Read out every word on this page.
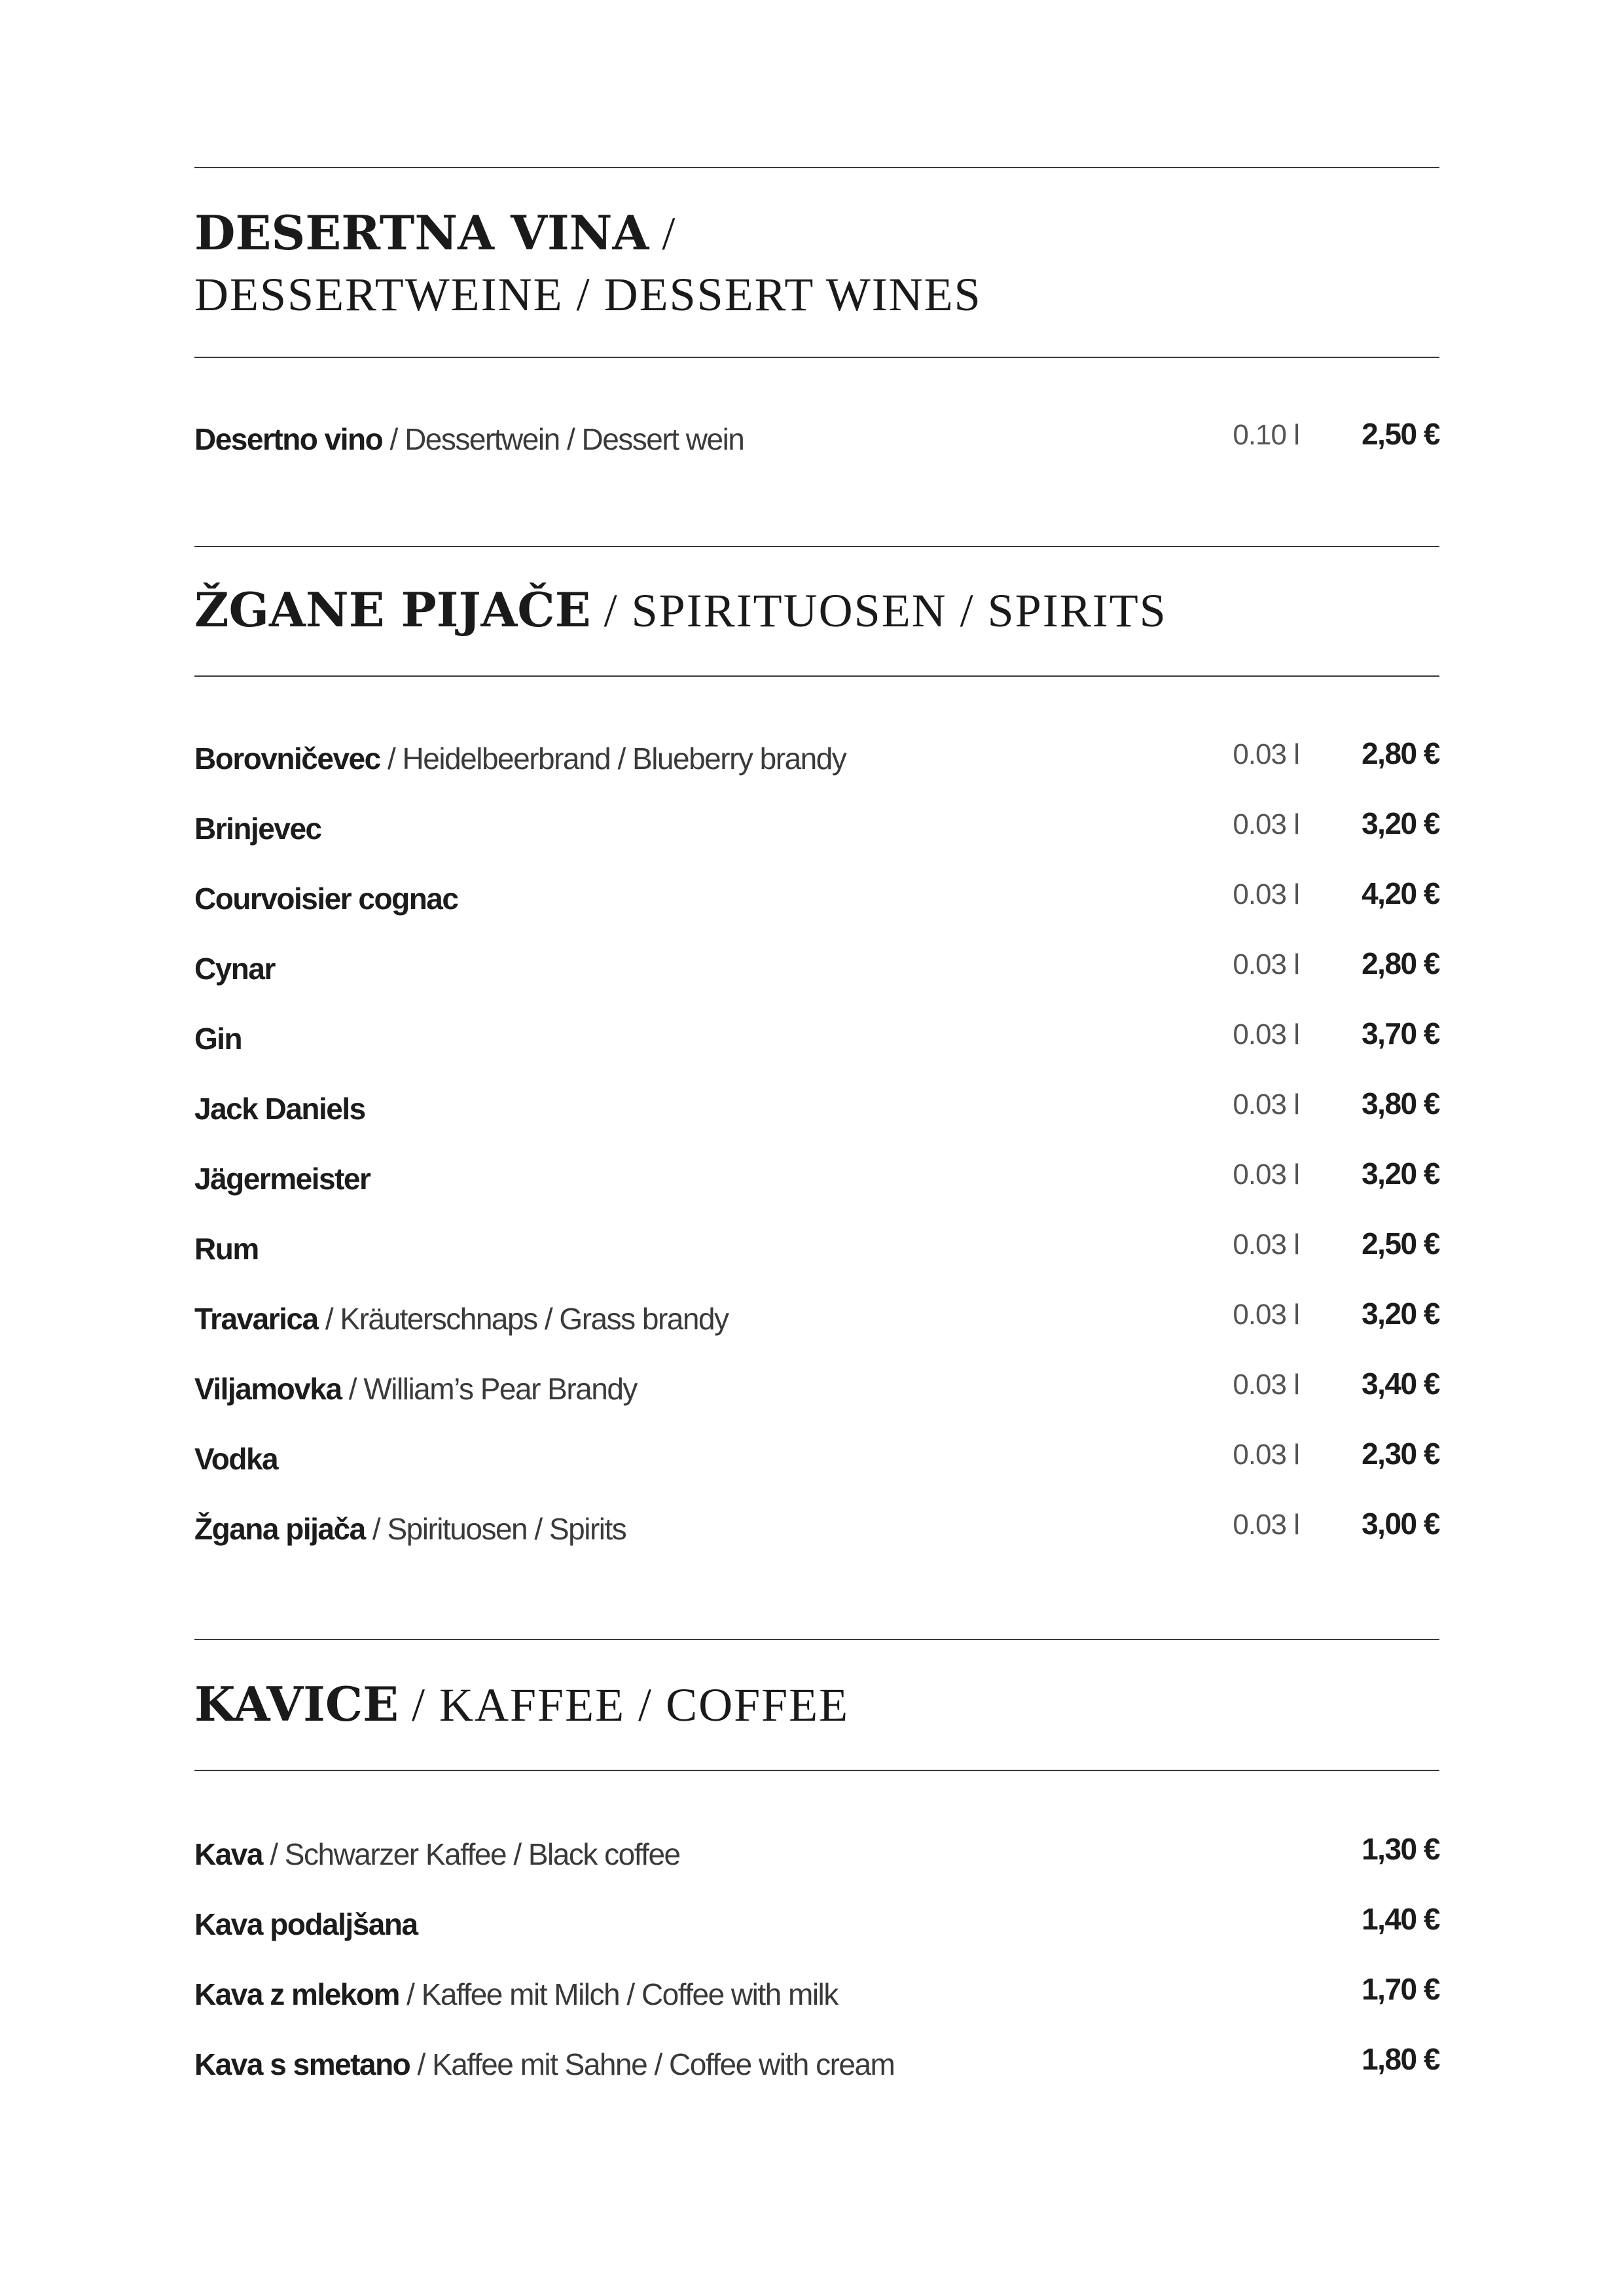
DESERTNA VINA /
DESSERTWEINE / DESSERT WINES
Desertno vino / Dessertwein / Dessert wein	0.10 l 2,50 €
ŽGANE PIJAČE / SPIRITUOSEN / SPIRITS
Borovničevec / Heidelbeerbrand / Blueberry brandy	0.03 l 2,80 €
Brinjevec	0.03 l 3,20 €
Courvoisier cognac	0.03 l 4,20 €
Cynar	0.03 l 2,80 €
Gin	0.03 l 3,70 €
Jack Daniels	0.03 l 3,80 €
Jägermeister	0.03 l 3,20 €
Rum	0.03 l 2,50 €
Travarica / Kräuterschnaps / Grass brandy	0.03 l 3,20 €
Viljamovka / William’s Pear Brandy	0.03 l 3,40 €
Vodka	0.03 l 2,30 €
Žgana pijača / Spirituosen / Spirits	0.03 l 3,00 €
KAVICE / KAFFEE / COFFEE
Kava / Schwarzer Kaffee / Black coffee	1,30 €
Kava podaljšana	1,40 €
Kava z mlekom / Kaffee mit Milch / Coffee with milk	1,70 €
Kava s smetano / Kaffee mit Sahne / Coffee with cream	1,80 €
